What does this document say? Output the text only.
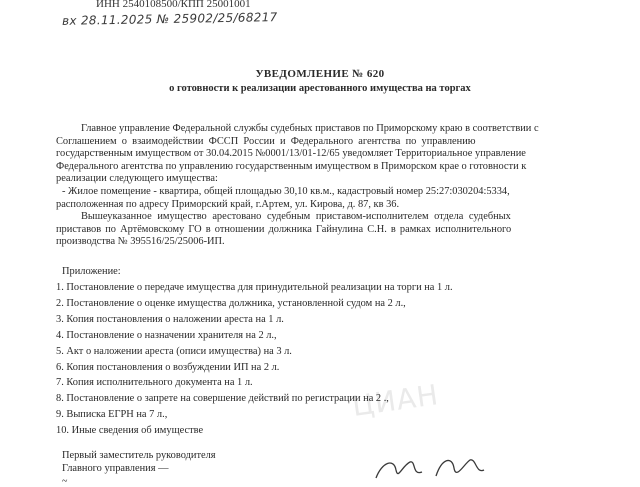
ИНН 2540108500/КПП 25001001
вх 28.11.2025 № 25902/25/68217
ЦИАН
УВЕДОМЛЕНИЕ № 620
о готовности к реализации арестованного имущества на торгах
Главное управление Федеральной службы судебных приставов по Приморскому краю в соответствии с
Соглашением о взаимодействии ФССП России и Федерального агентства по управлению
государственным имуществом от 30.04.2015 №0001/13/01-12/65 уведомляет Территориальное управление
Федерального агентства по управлению государственным имуществом в Приморском крае о готовности к
реализации следующего имущества:
- Жилое помещение - квартира, общей площадью 30,10 кв.м., кадастровый номер 25:27:030204:5334,
расположенная по адресу Приморский край, г.Артем, ул. Кирова, д. 87, кв 36.
Вышеуказанное имущество арестовано судебным приставом-исполнителем отдела судебных
приставов по Артёмовскому ГО в отношении должника Гайнулина С.Н. в рамках исполнительного
производства № 395516/25/25006-ИП.
Приложение:
1. Постановление о передаче имущества для принудительной реализации на торги на 1 л.
2. Постановление о оценке имущества должника, установленной судом на 2 л.,
3. Копия постановления о наложении ареста на 1 л.
4. Постановление о назначении хранителя на 2 л.,
5. Акт о наложении ареста (описи имущества) на 3 л.
6. Копия постановления о возбуждении ИП на 2 л.
7. Копия исполнительного документа на 1 л.
8. Постановление о запрете на совершение действий по регистрации на 2 .,
9. Выписка ЕГРН на 7 л.,
10. Иные сведения об имуществе
Первый заместитель руководителя
Главного управления —
~
